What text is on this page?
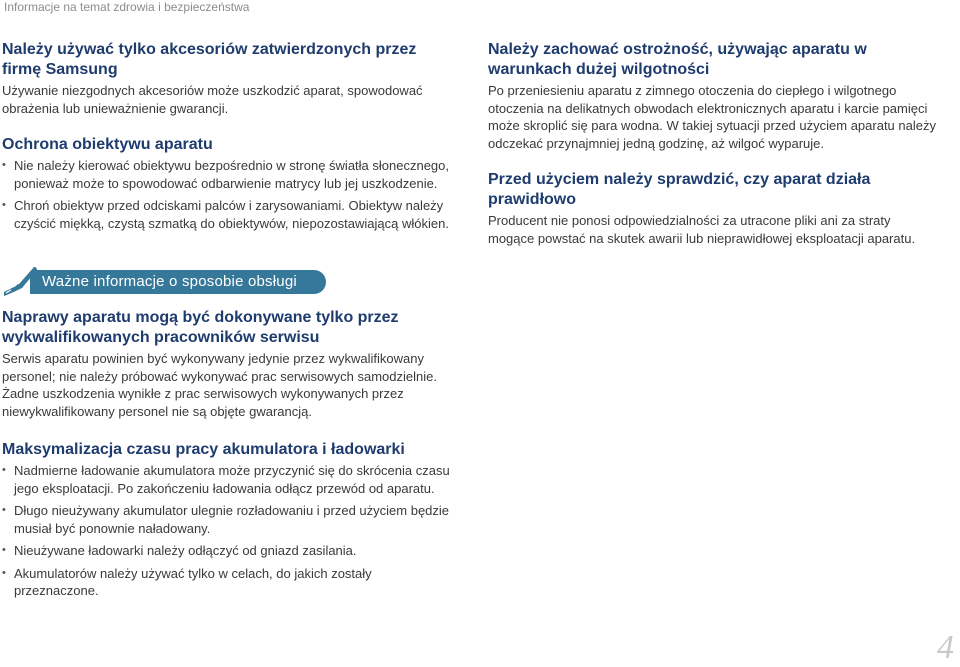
Informacje na temat zdrowia i bezpieczeństwa
Należy używać tylko akcesoriów zatwierdzonych przez firmę Samsung

Używanie niezgodnych akcesoriów może uszkodzić aparat, spowodować obrażenia lub unieważnienie gwarancji.

Ochrona obiektywu aparatu
• Nie należy kierować obiektywu bezpośrednio w stronę światła słonecznego, ponieważ może to spowodować odbarwienie matrycy lub jej uszkodzenie.
• Chroń obiektyw przed odciskami palców i zarysowaniami. Obiektyw należy czyścić miękką, czystą szmatką do obiektywów, niepozostawiającą włókien.
Ważne informacje o sposobie obsługi
Naprawy aparatu mogą być dokonywane tylko przez wykwalifikowanych pracowników serwisu

Serwis aparatu powinien być wykonywany jedynie przez wykwalifikowany personel; nie należy próbować wykonywać prac serwisowych samodzielnie. Żadne uszkodzenia wynikłe z prac serwisowych wykonywanych przez niewykwalifikowany personel nie są objęte gwarancją.

Maksymalizacja czasu pracy akumulatora i ładowarki
• Nadmierne ładowanie akumulatora może przyczynić się do skrócenia czasu jego eksploatacji. Po zakończeniu ładowania odłącz przewód od aparatu.
• Długo nieużywany akumulator ulegnie rozładowaniu i przed użyciem będzie musiał być ponownie naładowany.
• Nieużywane ładowarki należy odłączyć od gniazd zasilania.
• Akumulatorów należy używać tylko w celach, do jakich zostały przeznaczone.
Należy zachować ostrożność, używając aparatu w warunkach dużej wilgotności

Po przeniesieniu aparatu z zimnego otoczenia do ciepłego i wilgotnego otoczenia na delikatnych obwodach elektronicznych aparatu i karcie pamięci może skroplić się para wodna. W takiej sytuacji przed użyciem aparatu należy odczekać przynajmniej jedną godzinę, aż wilgoć wyparuje.

Przed użyciem należy sprawdzić, czy aparat działa prawidłowo

Producent nie ponosi odpowiedzialności za utracone pliki ani za straty mogące powstać na skutek awarii lub nieprawidłowej eksploatacji aparatu.

4
